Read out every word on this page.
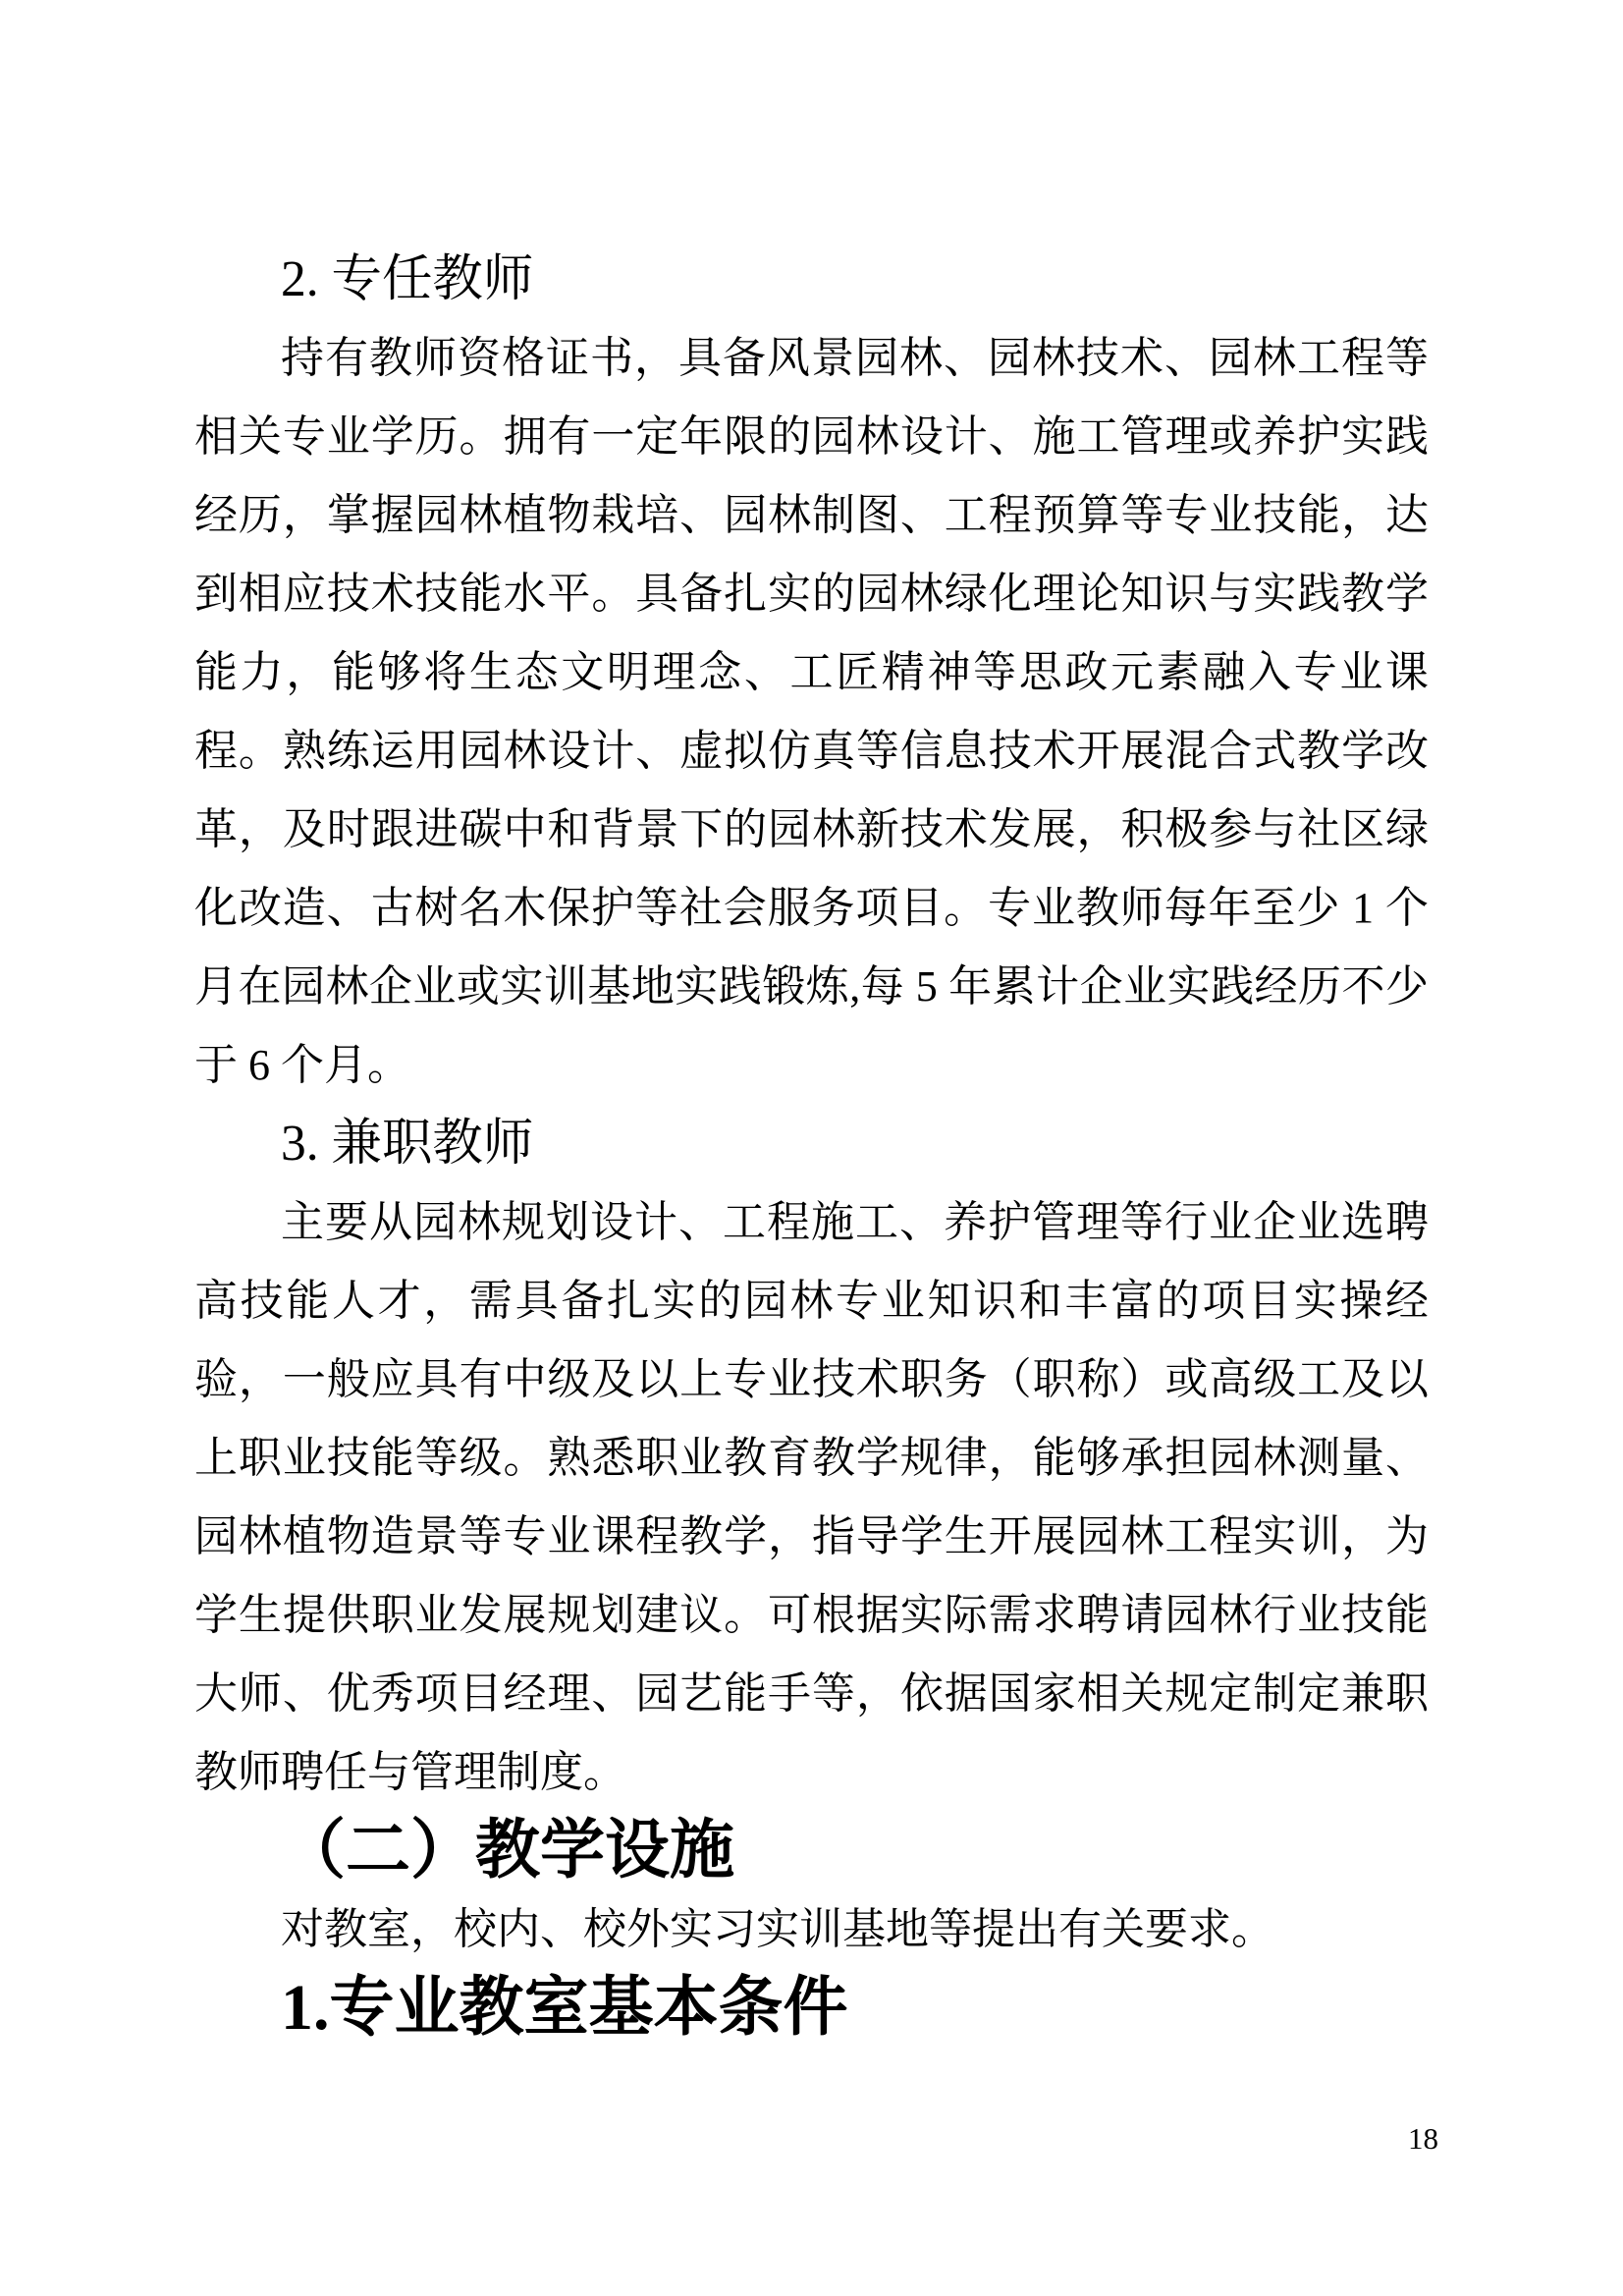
2. 专任教师

持有教师资格证书，具备风景园林、园林技术、园林工程等相关专业学历。拥有一定年限的园林设计、施工管理或养护实践经历，掌握园林植物栽培、园林制图、工程预算等专业技能，达到相应技术技能水平。具备扎实的园林绿化理论知识与实践教学能力，能够将生态文明理念、工匠精神等思政元素融入专业课程。熟练运用园林设计、虚拟仿真等信息技术开展混合式教学改革，及时跟进碳中和背景下的园林新技术发展，积极参与社区绿化改造、古树名木保护等社会服务项目。专业教师每年至少 1 个月在园林企业或实训基地实践锻炼,每 5 年累计企业实践经历不少于 6 个月。

3. 兼职教师

主要从园林规划设计、工程施工、养护管理等行业企业选聘高技能人才，需具备扎实的园林专业知识和丰富的项目实操经验，一般应具有中级及以上专业技术职务（职称）或高级工及以上职业技能等级。熟悉职业教育教学规律，能够承担园林测量、园林植物造景等专业课程教学，指导学生开展园林工程实训，为学生提供职业发展规划建议。可根据实际需求聘请园林行业技能大师、优秀项目经理、园艺能手等，依据国家相关规定制定兼职教师聘任与管理制度。

（二）教学设施

对教室，校内、校外实习实训基地等提出有关要求。

1.专业教室基本条件
18
